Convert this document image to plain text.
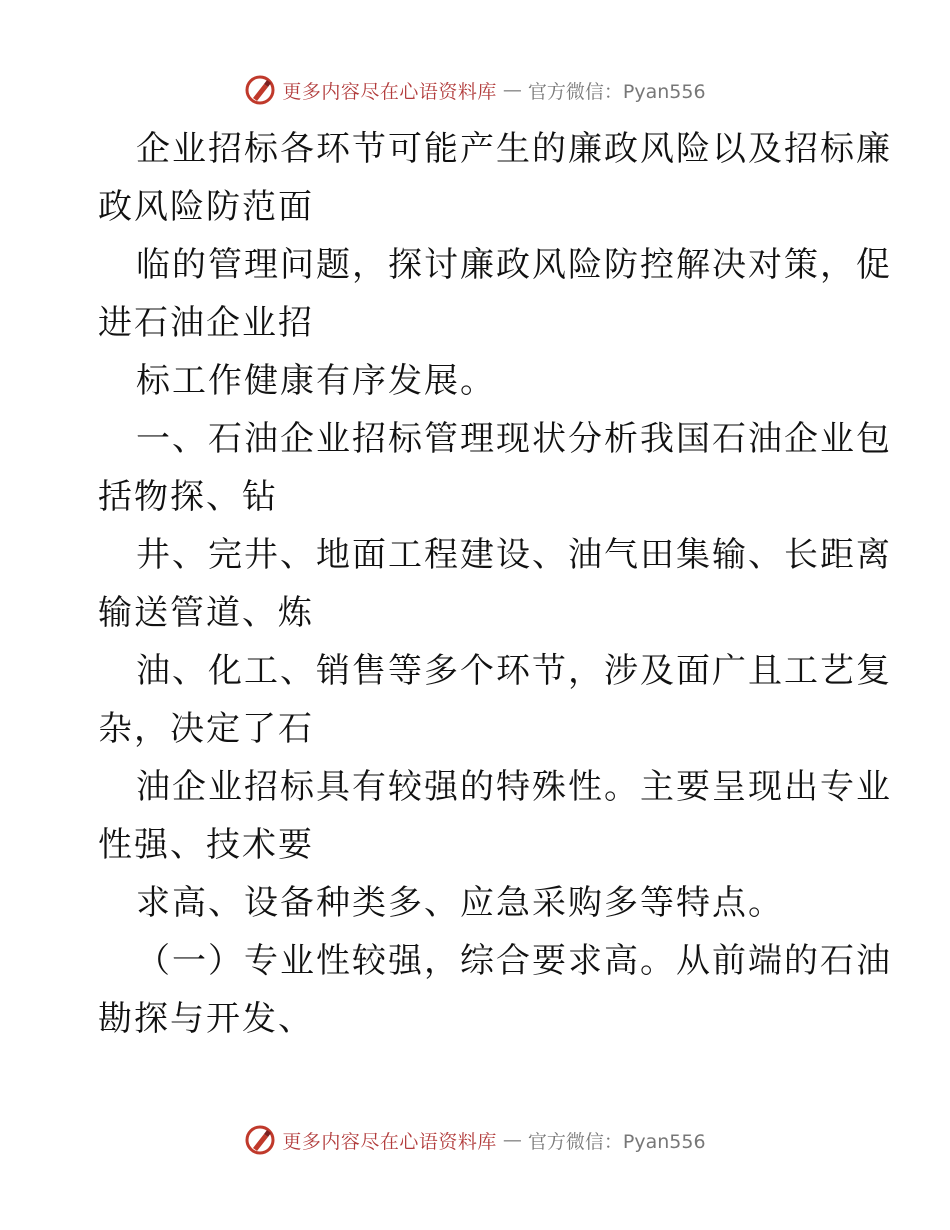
更多内容尽在心语资料库 — 官方微信：Pyan556

企业招标各环节可能产生的廉政风险以及招标廉
政风险防范面

临的管理问题，探讨廉政风险防控解决对策，促
进石油企业招

标工作健康有序发展。

一、石油企业招标管理现状分析我国石油企业包
括物探、钻

井、完井、地面工程建设、油气田集输、长距离
输送管道、炼

油、化工、销售等多个环节，涉及面广且工艺复
杂，决定了石

油企业招标具有较强的特殊性。主要呈现出专业
性强、技术要

求高、设备种类多、应急采购多等特点。

（一）专业性较强，综合要求高。从前端的石油
勘探与开发、

更多内容尽在心语资料库 — 官方微信：Pyan556
